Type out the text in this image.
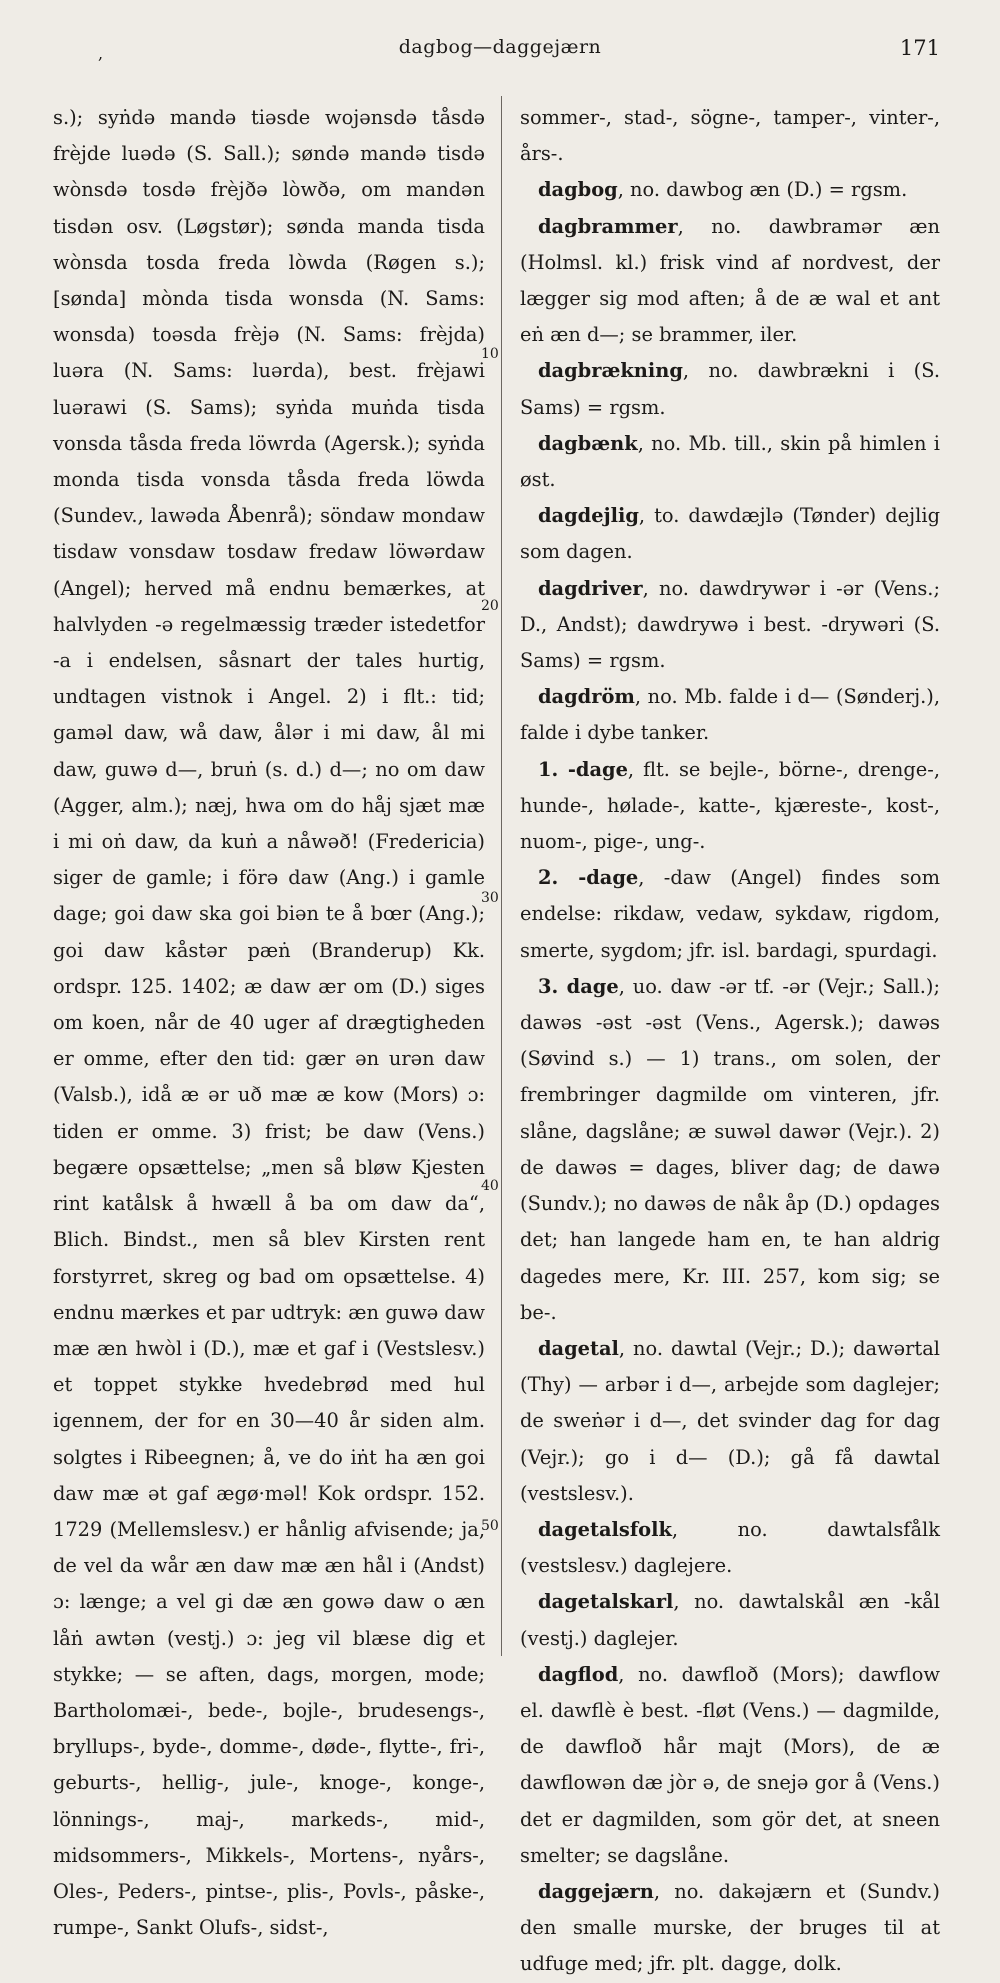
,	dagbog—daggejærn	171

s.); syṅdə mandə tiəsde wojənsdə tåsdə frèjde luədə (S. Sall.); søndə mandə tisdə wònsdə tosdə frèjðə lòwðə, om mandən tisdən osv. (Løgstør); sønda manda tisda wònsda tosda freda lòwda (Røgen s.); [sønda] mònda tisda wonsda (N. Sams: wonsda) toəsda frèjə (N. Sams: frèjda) luəra (N. Sams: luərda), best. frèjawi luərawi (S. Sams); syṅda muṅda tisda vonsda tåsda freda löwrda (Agersk.); syṅda monda tisda vonsda tåsda freda löwda (Sundev., lawəda Åbenrå); söndaw mondaw tisdaw vonsdaw tosdaw fredaw löwərdaw (Angel); herved må endnu bemærkes, at halvlyden -ə regelmæssig træder istedetfor -a i endelsen, såsnart der tales hurtig, undtagen vistnok i Angel. 2) i flt.: tid; gaməl daw, wå daw, ålər i mi daw, ål mi daw, guwə d—, bruṅ (s. d.) d—; no om daw (Agger, alm.); næj, hwa om do håj sjæt mæ i mi oṅ daw, da kuṅ a nåwəð! (Fredericia) siger de gamle; i förə daw (Ang.) i gamle dage; goi daw ska goi biən te å bœr (Ang.); goi daw kåstər pæṅ (Branderup) Kk. ordspr. 125. 1402; æ daw ær om (D.) siges om koen, når de 40 uger af drægtigheden er omme, efter den tid: gær ən urən daw (Valsb.), idå æ ər uð mæ æ kow (Mors) ɔ: tiden er omme. 3) frist; be daw (Vens.) begære opsættelse; „men så bløw Kjesten rint katålsk å hwæll å ba om daw da“, Blich. Bindst., men så blev Kirsten rent forstyrret, skreg og bad om opsættelse. 4) endnu mærkes et par udtryk: æn guwə daw mæ æn hwòl i (D.), mæ et gaf i (Vestslesv.) et toppet stykke hvedebrød med hul igennem, der for en 30—40 år siden alm. solgtes i Ribeegnen; å, ve do iṅt ha æn goi daw mæ ət gaf ægø·məl! Kok ordspr. 152. 1729 (Mellemslesv.) er hånlig afvisende; ja, de vel da wår æn daw mæ æn hål i (Andst) ɔ: længe; a vel gi dæ æn gowə daw o æn låṅ awtən (vestj.) ɔ: jeg vil blæse dig et stykke; — se aften, dags, morgen, mode; Bartholomæi-, bede-, bojle-, brudesengs-, bryllups-, byde-, domme-, døde-, flytte-, fri-, geburts-, hellig-, jule-, knoge-, konge-, lönnings-, maj-, markeds-, mid-, midsommers-, Mikkels-, Mortens-, nyårs-, Oles-, Peders-, pintse-, plis-, Povls-, påske-, rumpe-, Sankt Olufs-, sidst-,

sommer-, stad-, sögne-, tamper-, vinter-, års-.

dagbog, no. dawbog æn (D.) = rgsm.

dagbrammer, no. dawbramər æn (Holmsl. kl.) frisk vind af nordvest, der lægger sig mod aften; å de æ wal et ant eṅ æn d—; se brammer, iler.

dagbrækning, no. dawbrækni i (S. Sams) = rgsm.

dagbænk, no. Mb. till., skin på himlen i øst.

dagdejlig, to. dawdæjlə (Tønder) dejlig som dagen.

dagdriver, no. dawdrywər i -ər (Vens.; D., Andst); dawdrywə i best. -drywəri (S. Sams) = rgsm.

dagdröm, no. Mb. falde i d— (Sønderj.), falde i dybe tanker.

1. -dage, flt. se bejle-, börne-, drenge-, hunde-, hølade-, katte-, kjæreste-, kost-, nuom-, pige-, ung-.

2. -dage, -daw (Angel) findes som endelse: rikdaw, vedaw, sykdaw, rigdom, smerte, sygdom; jfr. isl. bardagi, spurdagi.

3. dage, uo. daw -ər tf. -ər (Vejr.; Sall.); dawəs -əst -əst (Vens., Agersk.); dawəs (Søvind s.) — 1) trans., om solen, der frembringer dagmilde om vinteren, jfr. slåne, dagslåne; æ suwəl dawər (Vejr.). 2) de dawəs = dages, bliver dag; de dawə (Sundv.); no dawəs de nåk åp (D.) opdages det; han langede ham en, te han aldrig dagedes mere, Kr. III. 257, kom sig; se be-.

dagetal, no. dawtal (Vejr.; D.); dawərtal (Thy) — arbər i d—, arbejde som daglejer; de sweṅər i d—, det svinder dag for dag (Vejr.); go i d— (D.); gå få dawtal (vestslesv.).

dagetalsfolk, no. dawtalsfålk (vestslesv.) daglejere.

dagetalskarl, no. dawtalskål æn -kål (vestj.) daglejer.

dagflod, no. dawfloð (Mors); dawflow el. dawflè è best. -fløt (Vens.) — dagmilde, de dawfloð hår majt (Mors), de æ dawflowən dæ jòr ə, de snejə gor å (Vens.) det er dagmilden, som gör det, at sneen smelter; se dagslåne.

daggejærn, no. dakəjærn et (Sundv.) den smalle murske, der bruges til at udfuge med; jfr. plt. dagge, dolk.

10
20
30
40
50
